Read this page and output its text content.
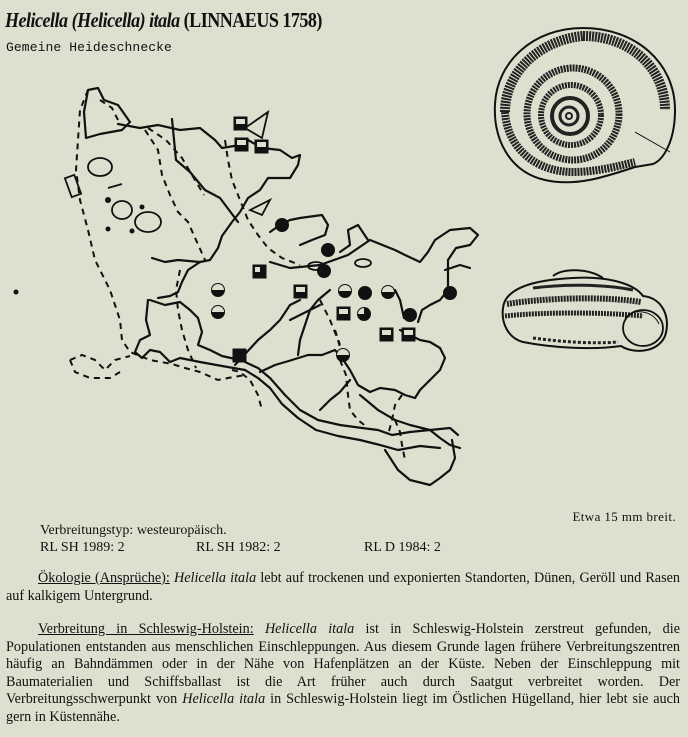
Helicella (Helicella) itala (LINNAEUS 1758)
Gemeine Heideschnecke
Etwa 15 mm breit.
Verbreitungstyp: westeuropäisch.
RL SH 1989: 2	RL SH 1982: 2	RL D 1984: 2

Ökologie (Ansprüche): Helicella itala lebt auf trockenen und exponierten Standorten, Dünen, Geröll und Rasen auf kalkigem Untergrund.

Verbreitung in Schleswig-Holstein: Helicella itala ist in Schleswig-Holstein zerstreut gefunden, die Populationen entstanden aus menschlichen Einschleppungen. Aus diesem Grunde lagen frühere Verbreitungszentren häufig an Bahndämmen oder in der Nähe von Hafenplätzen an der Küste. Neben der Einschleppung mit Baumaterialien und Schiffsballast ist die Art früher auch durch Saatgut verbreitet worden. Der Verbreitungsschwerpunkt von Helicella itala in Schleswig-Holstein liegt im Östlichen Hügelland, hier lebt sie auch gern in Küstennähe.
